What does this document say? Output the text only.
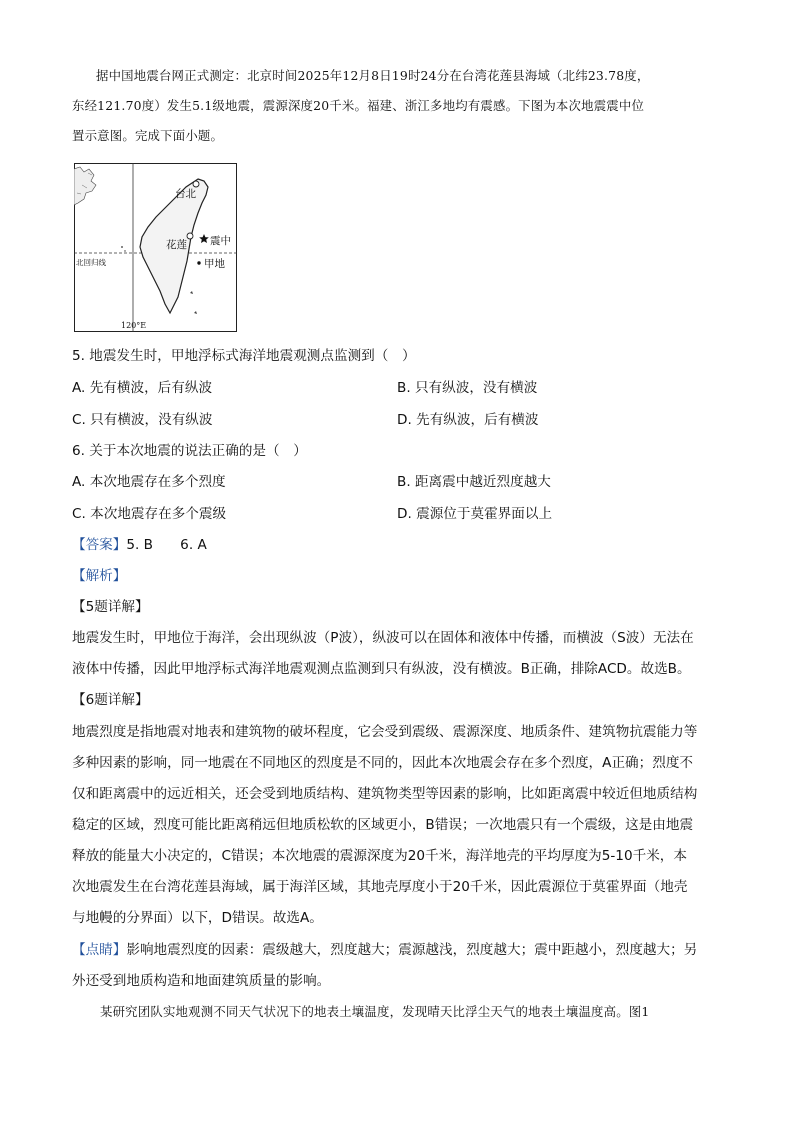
据中国地震台网正式测定：北京时间2025年12月8日19时24分在台湾花莲县海域（北纬23.78度，
东经121.70度）发生5.1级地震，震源深度20千米。福建、浙江多地均有震感。下图为本次地震震中位
置示意图。完成下面小题。
台北
花莲 震中
甲地
北回归线
120°E
5. 地震发生时，甲地浮标式海洋地震观测点监测到（　）
A. 先有横波，后有纵波	B. 只有纵波，没有横波
C. 只有横波，没有纵波	D. 先有纵波，后有横波
6. 关于本次地震的说法正确的是（　）
A. 本次地震存在多个烈度	B. 距离震中越近烈度越大
C. 本次地震存在多个震级	D. 震源位于莫霍界面以上
【答案】5. B　　6. A
【解析】
【5题详解】
地震发生时，甲地位于海洋，会出现纵波（P波），纵波可以在固体和液体中传播，而横波（S波）无法在
液体中传播，因此甲地浮标式海洋地震观测点监测到只有纵波，没有横波。B正确，排除ACD。故选B。
【6题详解】
地震烈度是指地震对地表和建筑物的破坏程度，它会受到震级、震源深度、地质条件、建筑物抗震能力等
多种因素的影响，同一地震在不同地区的烈度是不同的，因此本次地震会存在多个烈度，A正确；烈度不
仅和距离震中的远近相关，还会受到地质结构、建筑物类型等因素的影响，比如距离震中较近但地质结构
稳定的区域，烈度可能比距离稍远但地质松软的区域更小，B错误；一次地震只有一个震级，这是由地震
释放的能量大小决定的，C错误；本次地震的震源深度为20千米，海洋地壳的平均厚度为5-10千米，本
次地震发生在台湾花莲县海域，属于海洋区域，其地壳厚度小于20千米，因此震源位于莫霍界面（地壳
与地幔的分界面）以下，D错误。故选A。
【点睛】影响地震烈度的因素：震级越大，烈度越大；震源越浅，烈度越大；震中距越小，烈度越大；另
外还受到地质构造和地面建筑质量的影响。
某研究团队实地观测不同天气状况下的地表土壤温度，发现晴天比浮尘天气的地表土壤温度高。图1
